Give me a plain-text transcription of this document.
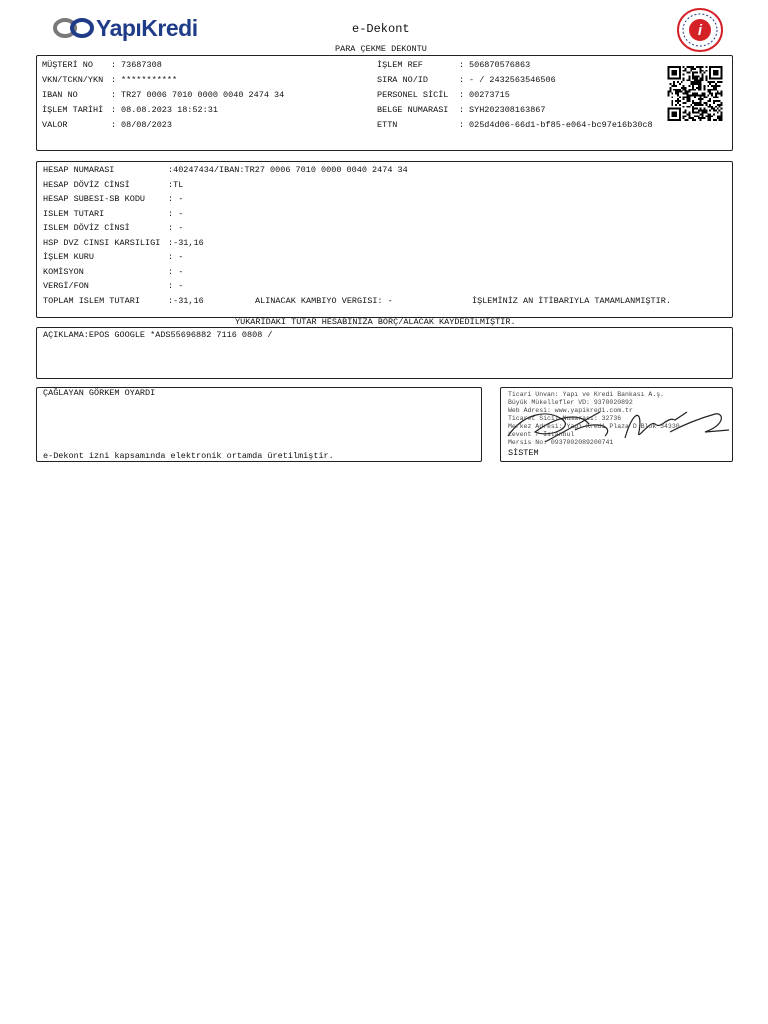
YapıKredi	e-Dekont
PARA ÇEKME DEKONTU
i
ALINACAK KAMBIYO VERGISI: -	İŞLEMİNİZ AN İTİBARIYLA TAMAMLANMIŞTIR.
YUKARIDAKI TUTAR HESABINIZA BORÇ/ALACAK KAYDEDİLMİŞTİR.
AÇIKLAMA:EPOS GOOGLE *ADS55696882 7116 0808 /
ÇAĞLAYAN GÖRKEM OYARDI
e-Dekont izni kapsamında elektronik ortamda üretilmiştir.	SİSTEM
MÜŞTERİ NO : 73687308
VKN/TCKN/YKN : ***********
IBAN NO	: TR27 0006 7010 0000 0040 2474 34
İŞLEM TARİHİ : 08.08.2023 18:52:31
VALOR	: 08/08/2023
İŞLEM REF	: 506870576863
SIRA NO/ID	: - / 2432563546506
PERSONEL SİCİL : 00273715
BELGE NUMARASI : SYH202308163867
ETTN	: 025d4d06-66d1-bf85-e064-bc97e16b30c8
HESAP NUMARASI	:40247434/IBAN:TR27 0006 7010 0000 0040 2474 34
HESAP DÖVİZ CİNSİ	:TL
HESAP SUBESI-SB KODU	: -
ISLEM TUTARI	: -
ISLEM DÖVİZ CİNSİ	: -
HSP DVZ CINSI KARSILIGI :-31,16
İŞLEM KURU	: -
KOMİSYON	: -
VERGİ/FON	: -
TOPLAM ISLEM TUTARI	:-31,16
Ticari Unvan: Yapı ve Kredi Bankası A.ş.
Büyük Mükellefler VD: 9370020892
Web Adresi: www.yapikredi.com.tr
Ticaret Sicil Numarası: 32736
Merkez Adresi: Yapı Kredi Plaza D Blok 34330
Levent / İstanbul
Mersis No: 0937002089200741
